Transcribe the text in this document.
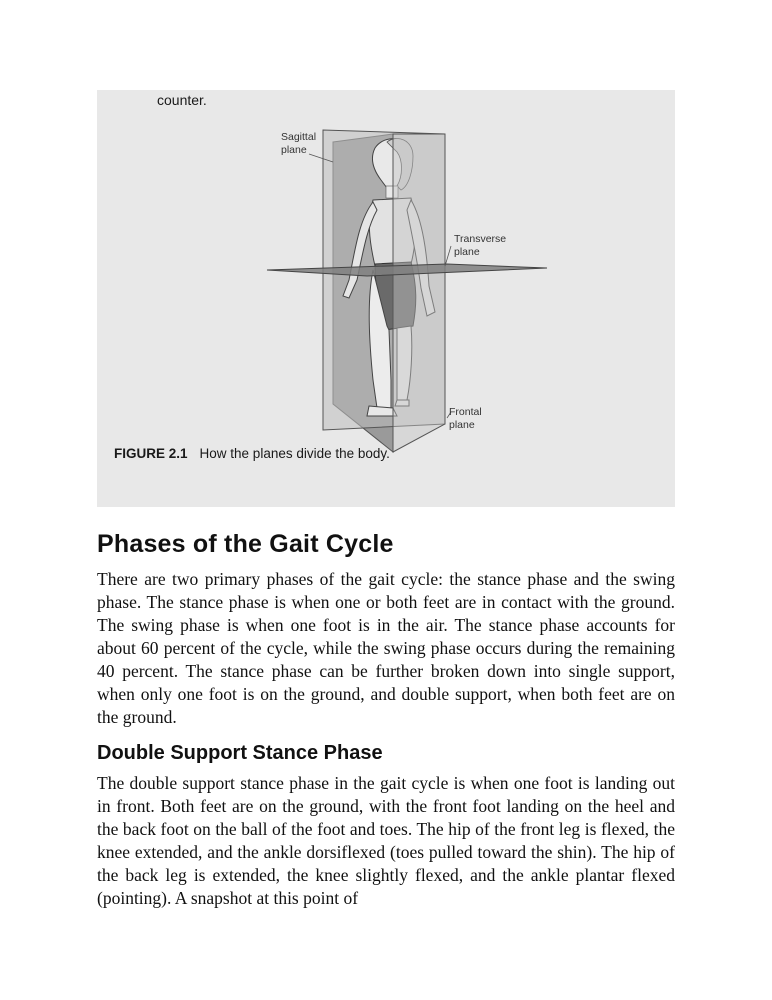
counter.
Sagittal
plane
Transverse
plane
Frontal
plane
FIGURE 2.1 How the planes divide the body.
Phases of the Gait Cycle

There are two primary phases of the gait cycle: the stance phase and the swing phase. The stance phase is when one or both feet are in contact with the ground. The swing phase is when one foot is in the air. The stance phase accounts for about 60 percent of the cycle, while the swing phase occurs during the remaining 40 percent. The stance phase can be further broken down into single support, when only one foot is on the ground, and double support, when both feet are on the ground.

Double Support Stance Phase

The double support stance phase in the gait cycle is when one foot is landing out in front. Both feet are on the ground, with the front foot landing on the heel and the back foot on the ball of the foot and toes. The hip of the front leg is flexed, the knee extended, and the ankle dorsiflexed (toes pulled toward the shin). The hip of the back leg is extended, the knee slightly flexed, and the ankle plantar flexed (pointing). A snapshot at this point of
